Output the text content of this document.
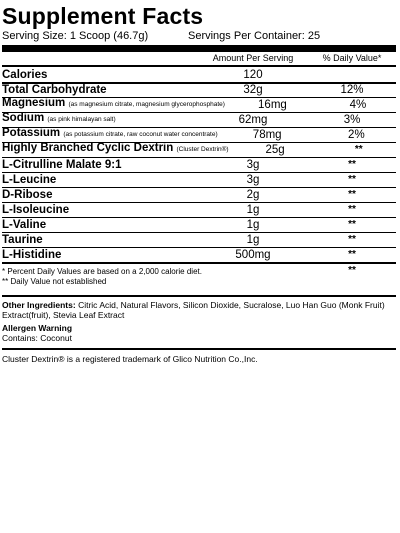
Supplement Facts
Serving Size: 1 Scoop (46.7g)	Servings Per Container: 25
Amount Per Serving	% Daily Value*
Calories	120
Total Carbohydrate	32g	12%
Magnesium (as magnesium citrate, magnesium glycerophosphate)	16mg	4%
Sodium (as pink himalayan salt)	62mg	3%
Potassium (as potassium citrate, raw coconut water concentrate)	78mg	2%
Highly Branched Cyclic Dextrin (Cluster Dextrin®)	25g	**
L-Citrulline Malate 9:1	3g	**
L-Leucine	3g	**
D-Ribose	2g	**
L-Isoleucine	1g	**
L-Valine	1g	**
Taurine	1g	**
L-Histidine	500mg	**
* Percent Daily Values are based on a 2,000 calorie diet.
** Daily Value not established
**
Other Ingredients: Citric Acid, Natural Flavors, Silicon Dioxide, Sucralose, Luo Han Guo (Monk Fruit) Extract(fruit), Stevia Leaf Extract
Allergen Warning
Contains: Coconut
Cluster Dextrin® is a registered trademark of Glico Nutrition Co.,Inc.
